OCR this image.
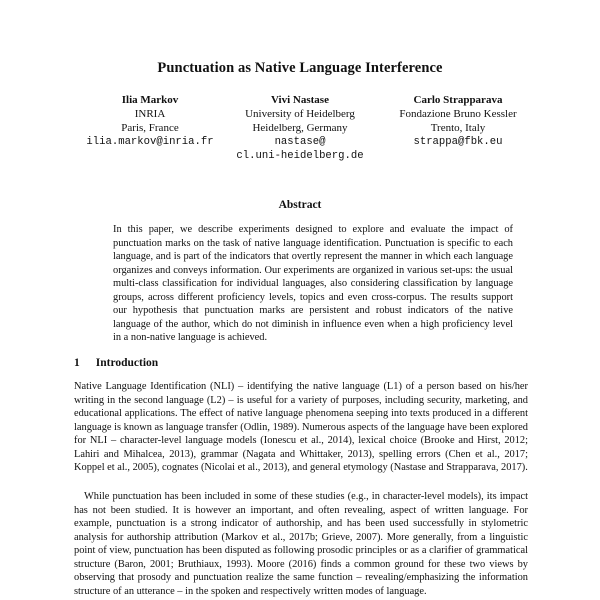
Punctuation as Native Language Interference
Ilia Markov
INRIA
Paris, France
ilia.markov@inria.fr
Vivi Nastase
University of Heidelberg
Heidelberg, Germany
nastase@
cl.uni-heidelberg.de
Carlo Strapparava
Fondazione Bruno Kessler
Trento, Italy
strappa@fbk.eu
Abstract

In this paper, we describe experiments designed to explore and evaluate the impact of punctuation marks on the task of native language identification. Punctuation is specific to each language, and is part of the indicators that overtly represent the manner in which each language organizes and conveys information. Our experiments are organized in various set-ups: the usual multi-class classification for individual languages, also considering classification by language groups, across different proficiency levels, topics and even cross-corpus. The results support our hypothesis that punctuation marks are persistent and robust indicators of the native language of the author, which do not diminish in influence even when a high proficiency level in a non-native language is achieved.

1 Introduction

Native Language Identification (NLI) – identifying the native language (L1) of a person based on his/her writing in the second language (L2) – is useful for a variety of purposes, including security, marketing, and educational applications. The effect of native language phenomena seeping into texts produced in a different language is known as language transfer (Odlin, 1989). Numerous aspects of the language have been explored for NLI – character-level language models (Ionescu et al., 2014), lexical choice (Brooke and Hirst, 2012; Lahiri and Mihalcea, 2013), grammar (Nagata and Whittaker, 2013), spelling errors (Chen et al., 2017; Koppel et al., 2005), cognates (Nicolai et al., 2013), and general etymology (Nastase and Strapparava, 2017).

While punctuation has been included in some of these studies (e.g., in character-level models), its impact has not been studied. It is however an important, and often revealing, aspect of written language. For example, punctuation is a strong indicator of authorship, and has been used successfully in stylometric analysis for authorship attribution (Markov et al., 2017b; Grieve, 2007). More generally, from a linguistic point of view, punctuation has been disputed as following prosodic principles or as a clarifier of grammatical structure (Baron, 2001; Bruthiaux, 1993). Moore (2016) finds a common ground for these two views by observing that prosody and punctuation realize the same function – revealing/emphasizing the information structure of an utterance – in the spoken and respectively written modes of language.
